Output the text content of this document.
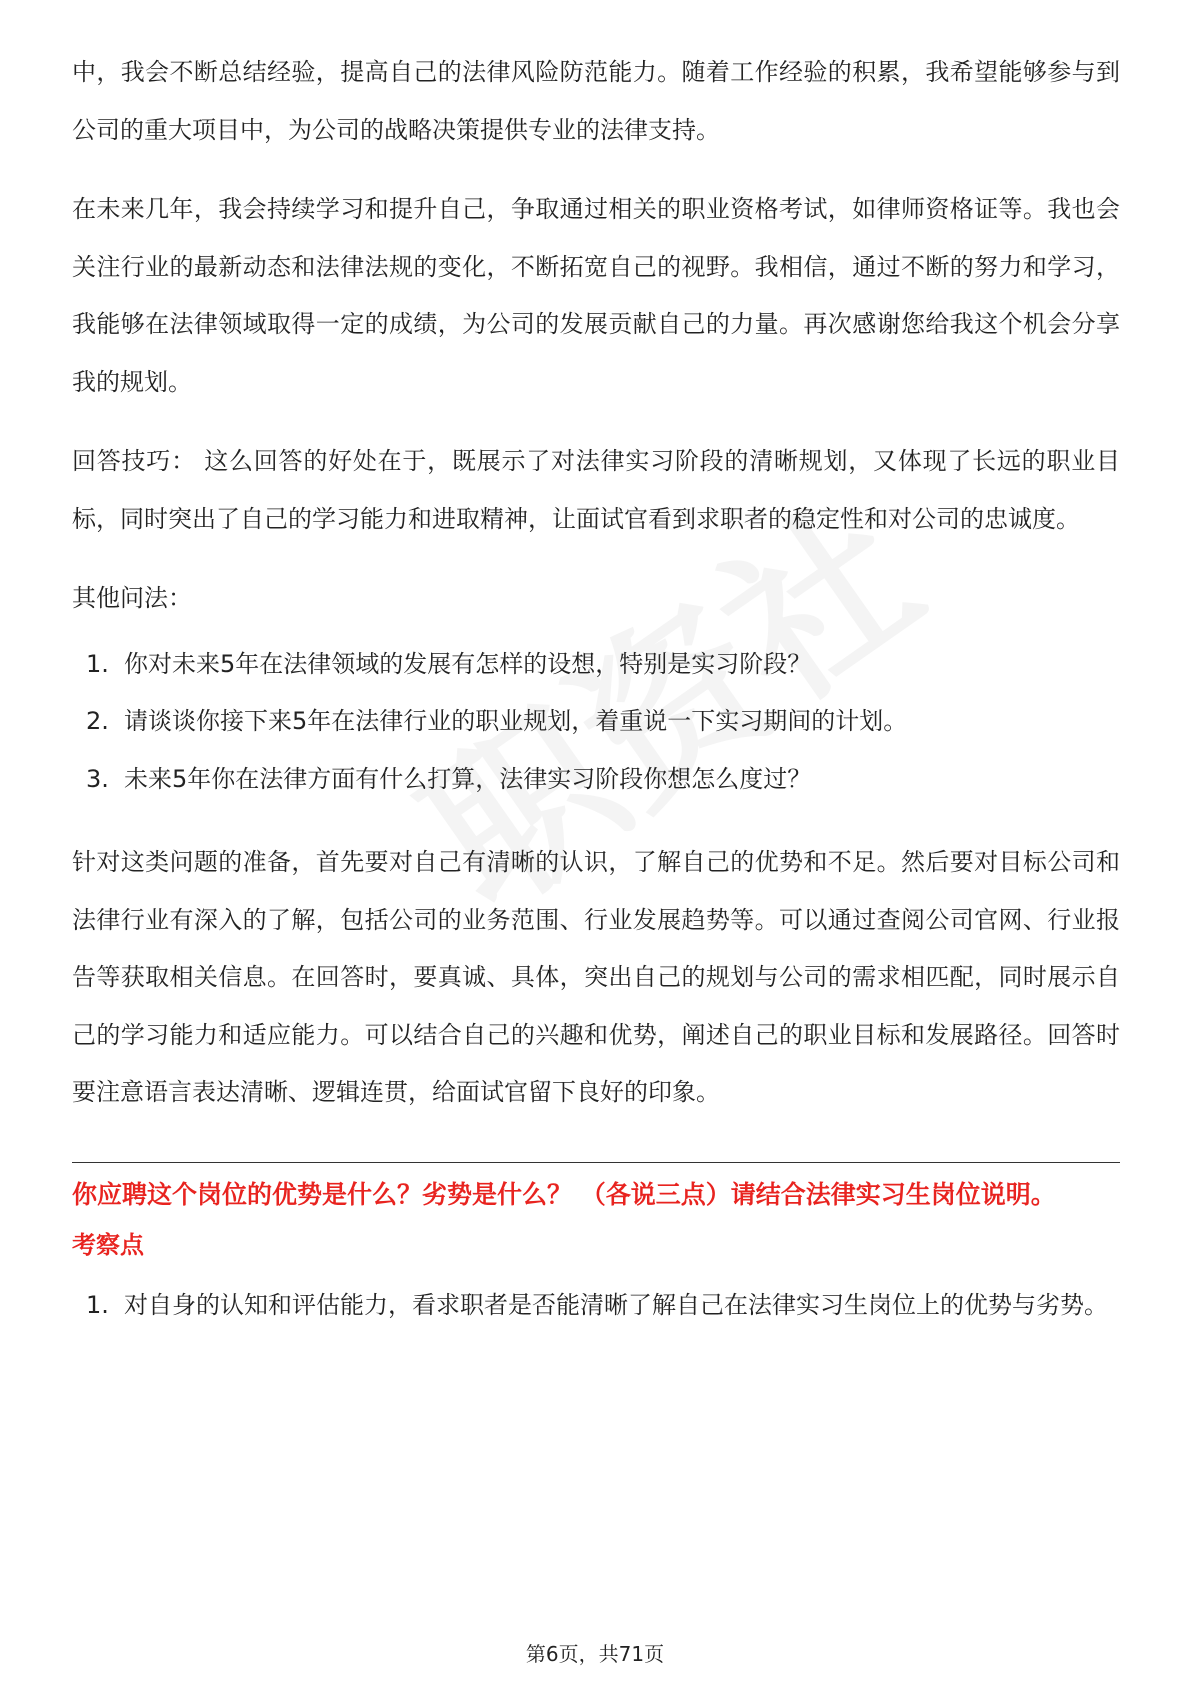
中，我会不断总结经验，提高自己的法律风险防范能力。随着工作经验的积累，我希望能够参与到公司的重大项目中，为公司的战略决策提供专业的法律支持。

在未来几年，我会持续学习和提升自己，争取通过相关的职业资格考试，如律师资格证等。我也会关注行业的最新动态和法律法规的变化，不断拓宽自己的视野。我相信，通过不断的努力和学习，我能够在法律领域取得一定的成绩，为公司的发展贡献自己的力量。再次感谢您给我这个机会分享我的规划。

回答技巧： 这么回答的好处在于，既展示了对法律实习阶段的清晰规划，又体现了长远的职业目标，同时突出了自己的学习能力和进取精神，让面试官看到求职者的稳定性和对公司的忠诚度。

其他问法：

1. 你对未来5年在法律领域的发展有怎样的设想，特别是实习阶段？
2. 请谈谈你接下来5年在法律行业的职业规划，着重说一下实习期间的计划。
3. 未来5年你在法律方面有什么打算，法律实习阶段你想怎么度过？

针对这类问题的准备，首先要对自己有清晰的认识，了解自己的优势和不足。然后要对目标公司和法律行业有深入的了解，包括公司的业务范围、行业发展趋势等。可以通过查阅公司官网、行业报告等获取相关信息。在回答时，要真诚、具体，突出自己的规划与公司的需求相匹配，同时展示自己的学习能力和适应能力。可以结合自己的兴趣和优势，阐述自己的职业目标和发展路径。回答时要注意语言表达清晰、逻辑连贯，给面试官留下良好的印象。

你应聘这个岗位的优势是什么？劣势是什么？ （各说三点）请结合法律实习生岗位说明。

考察点

1. 对自身的认知和评估能力，看求职者是否能清晰了解自己在法律实习生岗位上的优势与劣势。
第6页，共71页
